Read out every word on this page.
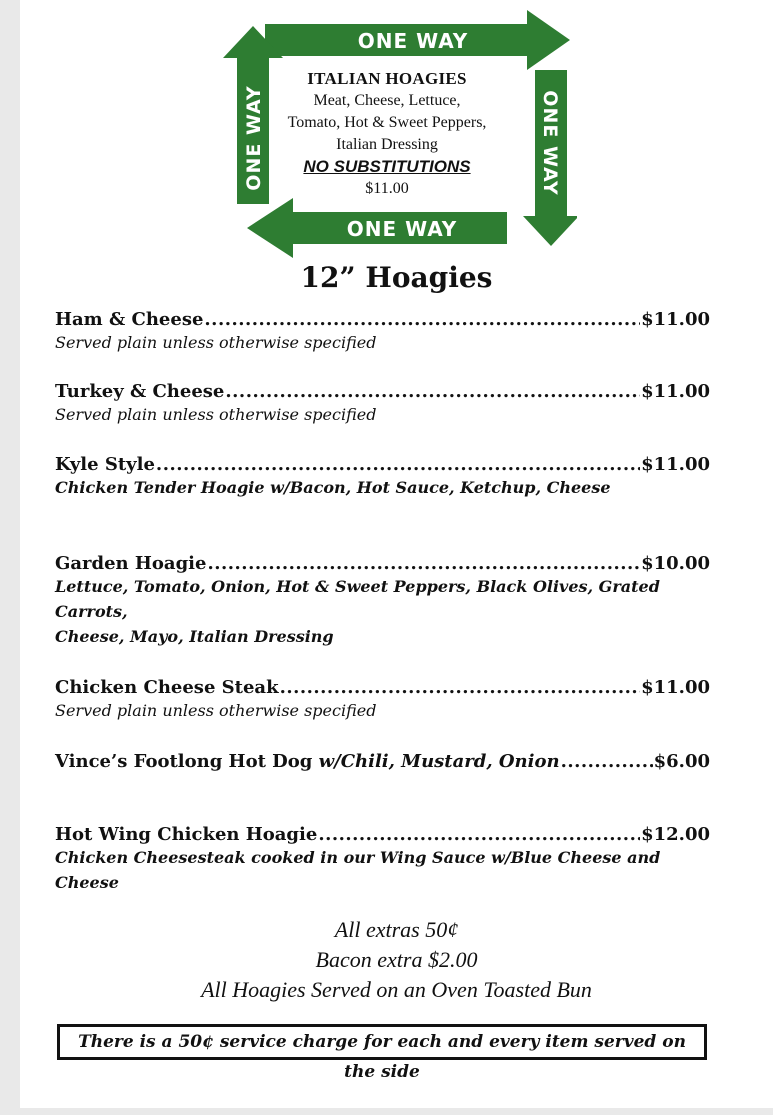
ONE WAY
ONE WAY
ONE WAY	ONE WAY
ITALIAN HOAGIES
Meat, Cheese, Lettuce,
Tomato, Hot & Sweet Peppers,
Italian Dressing
NO SUBSTITUTIONS
$11.00
12” Hoagies
Ham & Cheese .....	$11.00
Served plain unless otherwise specified
Turkey & Cheese .....	$11.00
Served plain unless otherwise specified
Kyle Style .....	$11.00
Chicken Tender Hoagie w/Bacon, Hot Sauce, Ketchup, Cheese
Garden Hoagie .....	$10.00
Lettuce, Tomato, Onion, Hot & Sweet Peppers, Black Olives, Grated Carrots,
Cheese, Mayo, Italian Dressing
Chicken Cheese Steak .....	$11.00
Served plain unless otherwise specified
Vince’s Footlong Hot Dog w/Chili, Mustard, Onion .....	$6.00
Hot Wing Chicken Hoagie .....	$12.00
Chicken Cheesesteak cooked in our Wing Sauce w/Blue Cheese and Cheese
All extras 50¢
Bacon extra $2.00
All Hoagies Served on an Oven Toasted Bun
There is a 50¢ service charge for each and every item served on the side
